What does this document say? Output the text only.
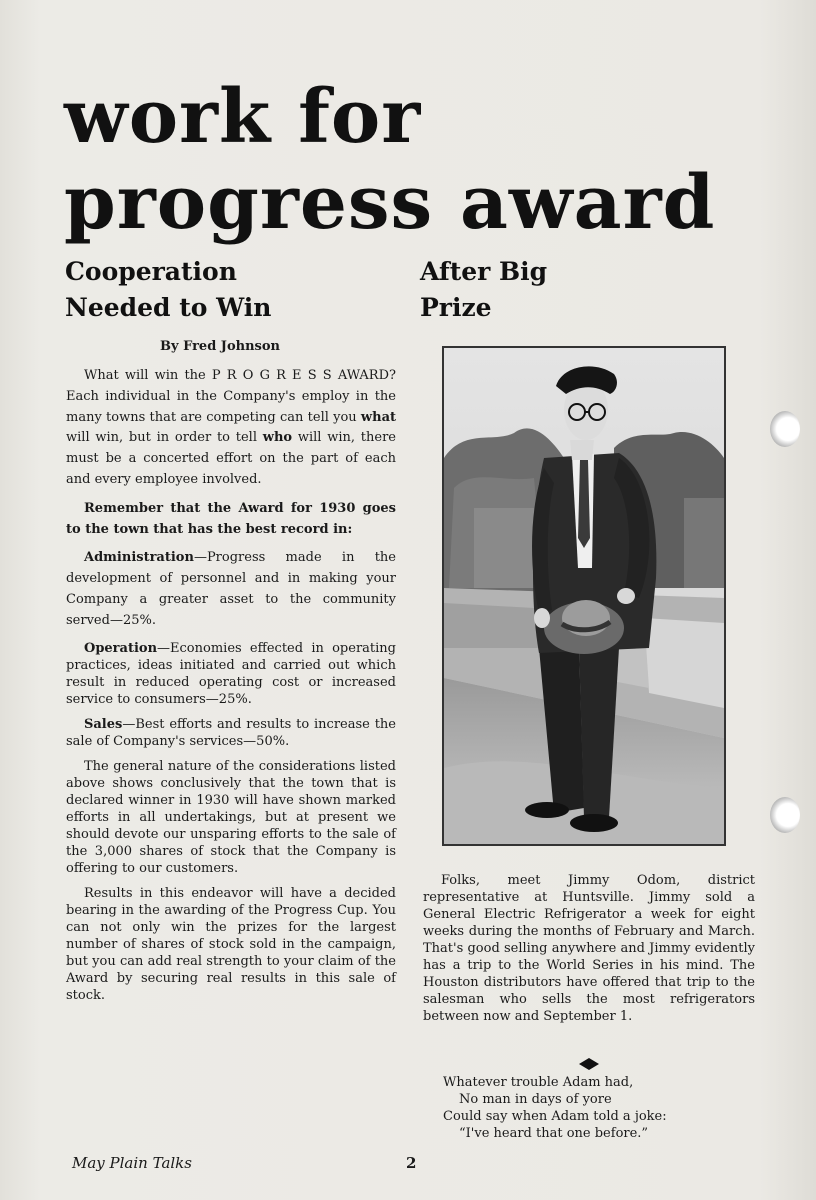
work for
progress award
Cooperation
Needed to Win
After Big
Prize
By Fred Johnson

What will win the P R O G R E S S AWARD? Each individual in the Company's employ in the many towns that are competing can tell you what will win, but in order to tell who will win, there must be a concerted effort on the part of each and every employee involved.

Remember that the Award for 1930 goes to the town that has the best record in:

Administration—Progress made in the development of personnel and in making your Company a greater asset to the community served—25%.

Operation—Economies effected in operating practices, ideas initiated and carried out which result in reduced operating cost or increased service to consumers—25%.

Sales—Best efforts and results to increase the sale of Company's services—50%.

The general nature of the considerations listed above shows conclusively that the town that is declared winner in 1930 will have shown marked efforts in all undertakings, but at present we should devote our unsparing efforts to the sale of the 3,000 shares of stock that the Company is offering to our customers.

Results in this endeavor will have a decided bearing in the awarding of the Progress Cup. You can not only win the prizes for the largest number of shares of stock sold in the campaign, but you can add real strength to your claim of the Award by securing real results in this sale of stock.

Folks, meet Jimmy Odom, district representative at Huntsville. Jimmy sold a General Electric Refrigerator a week for eight weeks during the months of February and March. That's good selling anywhere and Jimmy evidently has a trip to the World Series in his mind. The Houston distributors have offered that trip to the salesman who sells the most refrigerators between now and September 1.

Whatever trouble Adam had,
No man in days of yore
Could say when Adam told a joke:
“I've heard that one before.”
May Plain Talks	2
